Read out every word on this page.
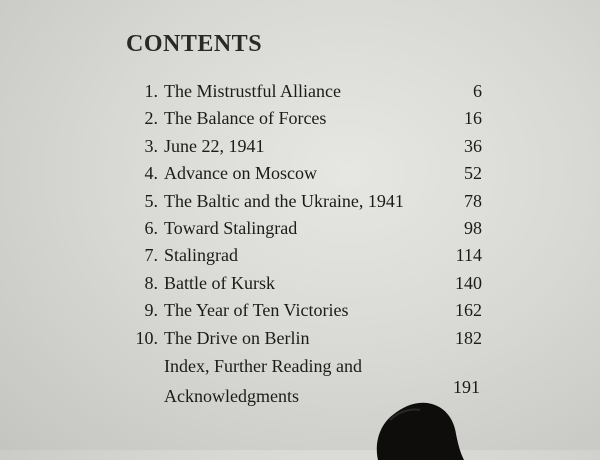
CONTENTS
1. The Mistrustful Alliance	6
2. The Balance of Forces	16
3. June 22, 1941	36
4. Advance on Moscow	52
5. The Baltic and the Ukraine, 1941	78
6. Toward Stalingrad	98
7. Stalingrad	114
8. Battle of Kursk	140
9. The Year of Ten Victories	162
10. The Drive on Berlin	182
Index, Further Reading and
Acknowledgments	191
